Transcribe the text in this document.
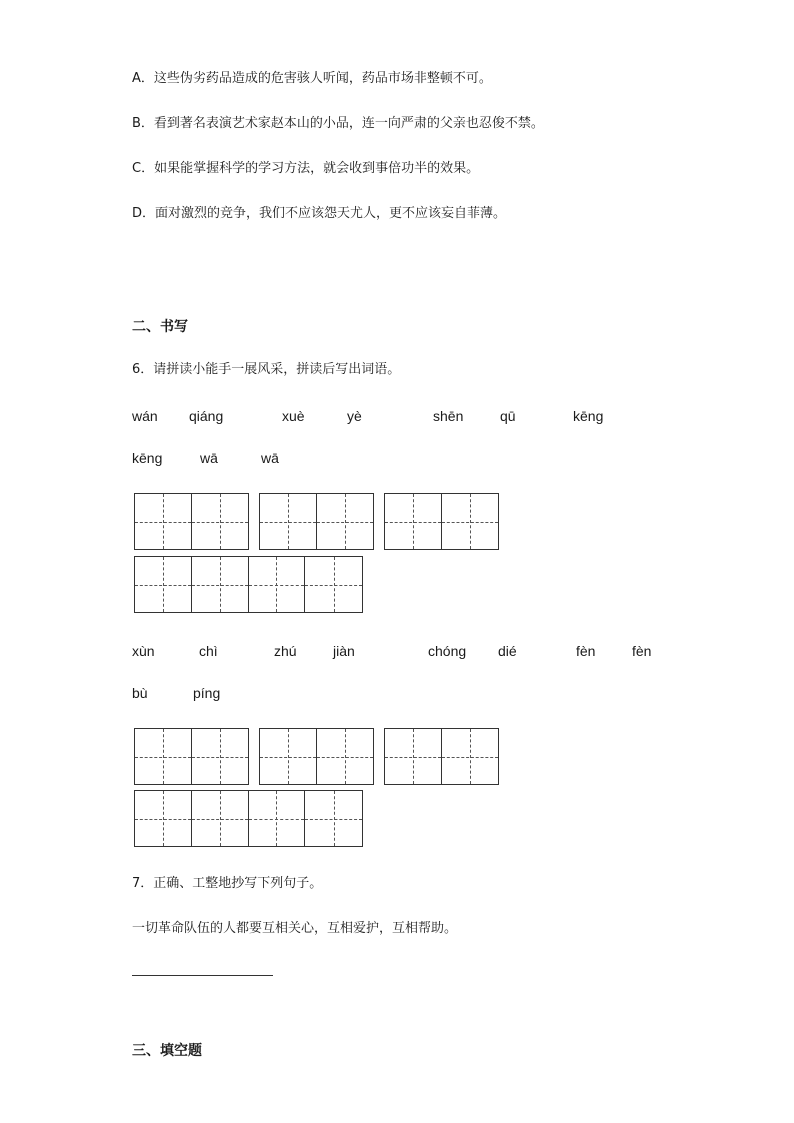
A．这些伪劣药品造成的危害骇人听闻，药品市场非整顿不可。
B．看到著名表演艺术家赵本山的小品，连一向严肃的父亲也忍俊不禁。
C．如果能掌握科学的学习方法，就会收到事倍功半的效果。
D．面对激烈的竞争，我们不应该怨天尤人，更不应该妄自菲薄。
二、书写
6．请拼读小能手一展风采，拼读后写出词语。
wán qiáng	xuè	yè	shēn	qū	kēng
kēng	wā	wā
xùn	chì	zhú	jiàn	chóng dié	fèn	fèn
bù	píng
7．正确、工整地抄写下列句子。
一切革命队伍的人都要互相关心，互相爱护，互相帮助。
三、填空题
